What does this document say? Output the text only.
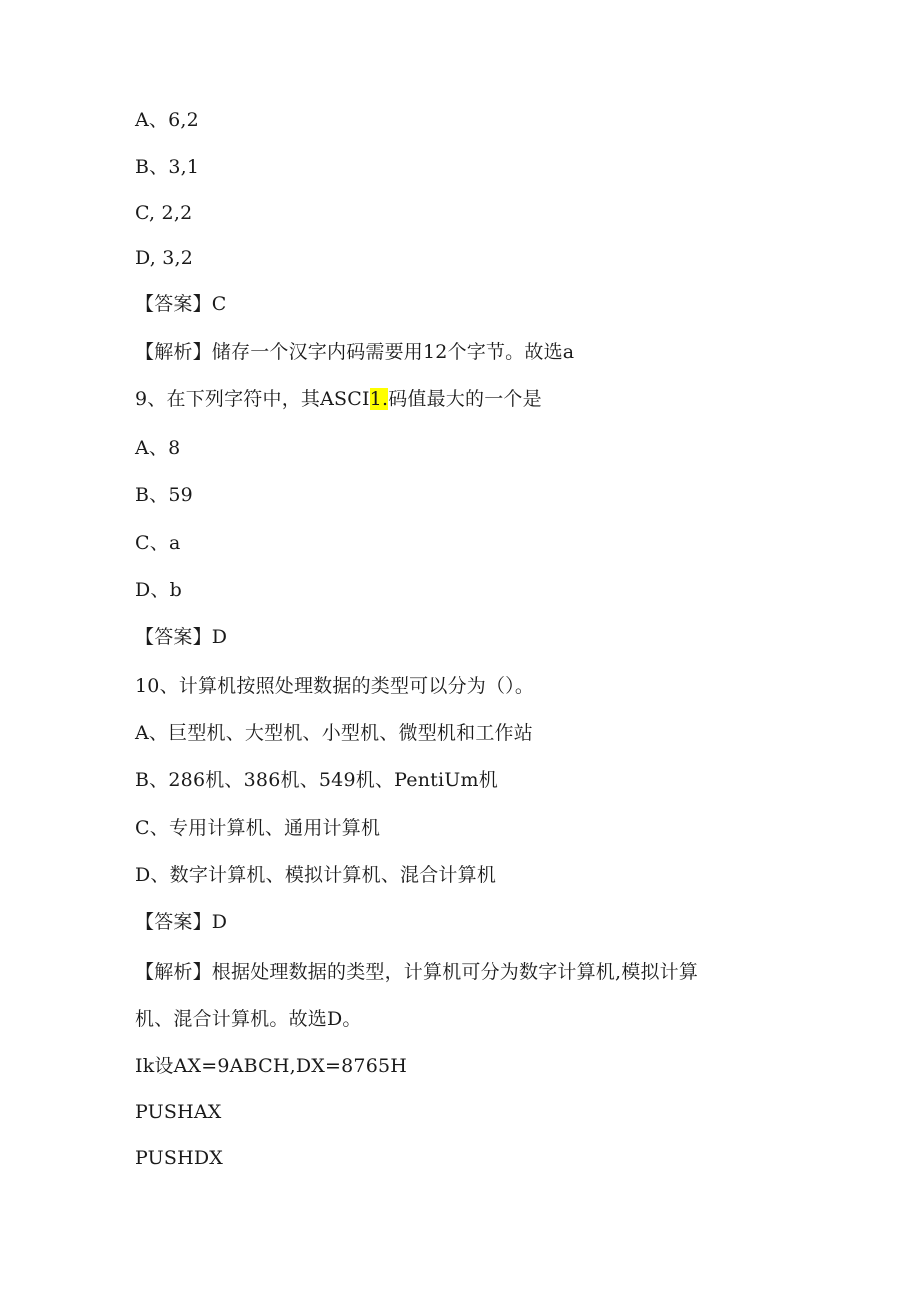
A、6,2
B、3,1
C, 2,2
D, 3,2
【答案】C
【解析】储存一个汉字内码需要用12个字节。故选a
9、在下列字符中，其ASCI1.码值最大的一个是
A、8
B、59
C、a
D、b
【答案】D
10、计算机按照处理数据的类型可以分为（）。
A、巨型机、大型机、小型机、微型机和工作站
B、286机、386机、549机、PentiUm机
C、专用计算机、通用计算机
D、数字计算机、模拟计算机、混合计算机
【答案】D
【解析】根据处理数据的类型，计算机可分为数字计算机,模拟计算
机、混合计算机。故选D。
Ik设AX=9ABCH,DX=8765H
PUSHAX
PUSHDX
